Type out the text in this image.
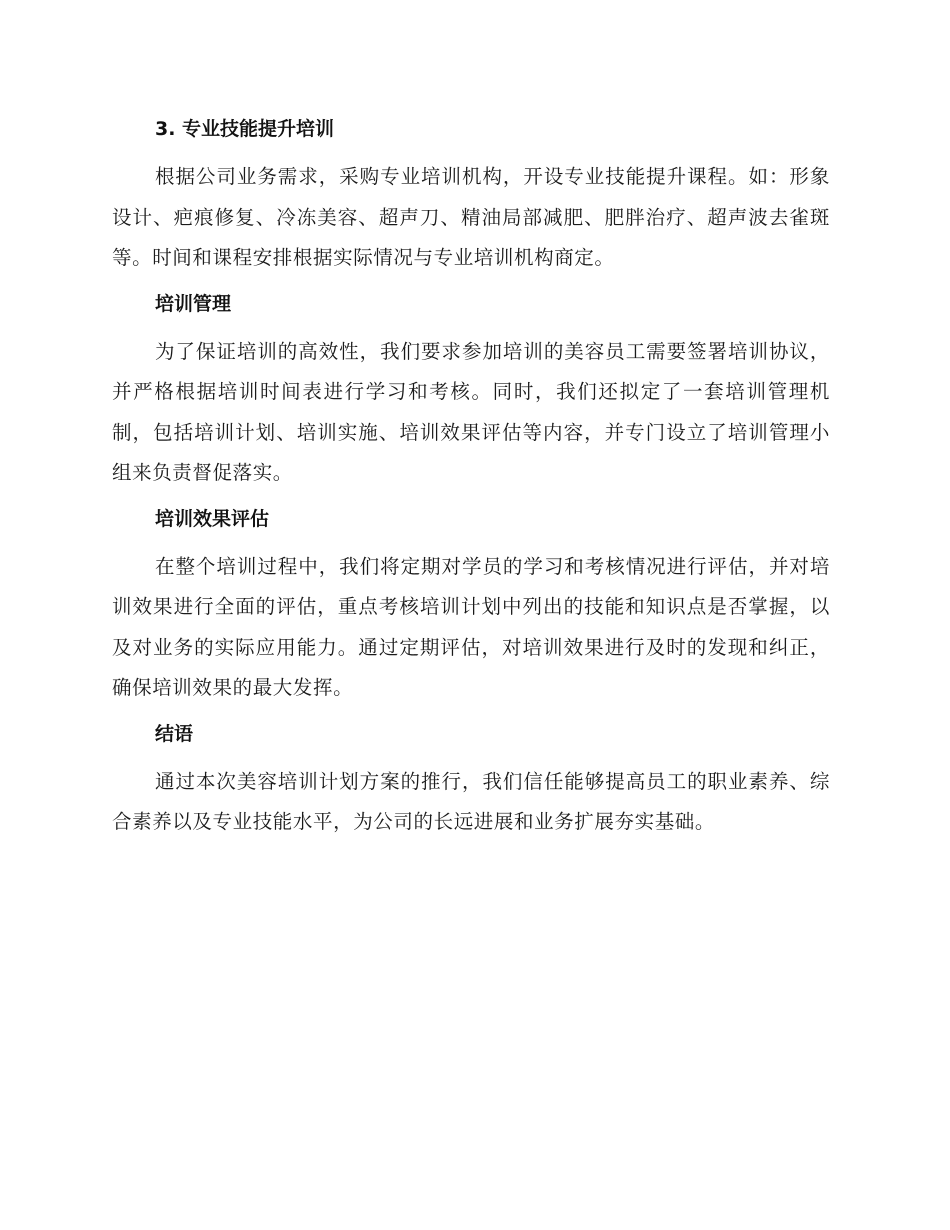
3. 专业技能提升培训

根据公司业务需求，采购专业培训机构，开设专业技能提升课程。如：形象设计、疤痕修复、冷冻美容、超声刀、精油局部减肥、肥胖治疗、超声波去雀斑等。时间和课程安排根据实际情况与专业培训机构商定。

培训管理

为了保证培训的高效性，我们要求参加培训的美容员工需要签署培训协议，并严格根据培训时间表进行学习和考核。同时，我们还拟定了一套培训管理机制，包括培训计划、培训实施、培训效果评估等内容，并专门设立了培训管理小组来负责督促落实。

培训效果评估

在整个培训过程中，我们将定期对学员的学习和考核情况进行评估，并对培训效果进行全面的评估，重点考核培训计划中列出的技能和知识点是否掌握，以及对业务的实际应用能力。通过定期评估，对培训效果进行及时的发现和纠正，确保培训效果的最大发挥。

结语

通过本次美容培训计划方案的推行，我们信任能够提高员工的职业素养、综合素养以及专业技能水平，为公司的长远进展和业务扩展夯实基础。
